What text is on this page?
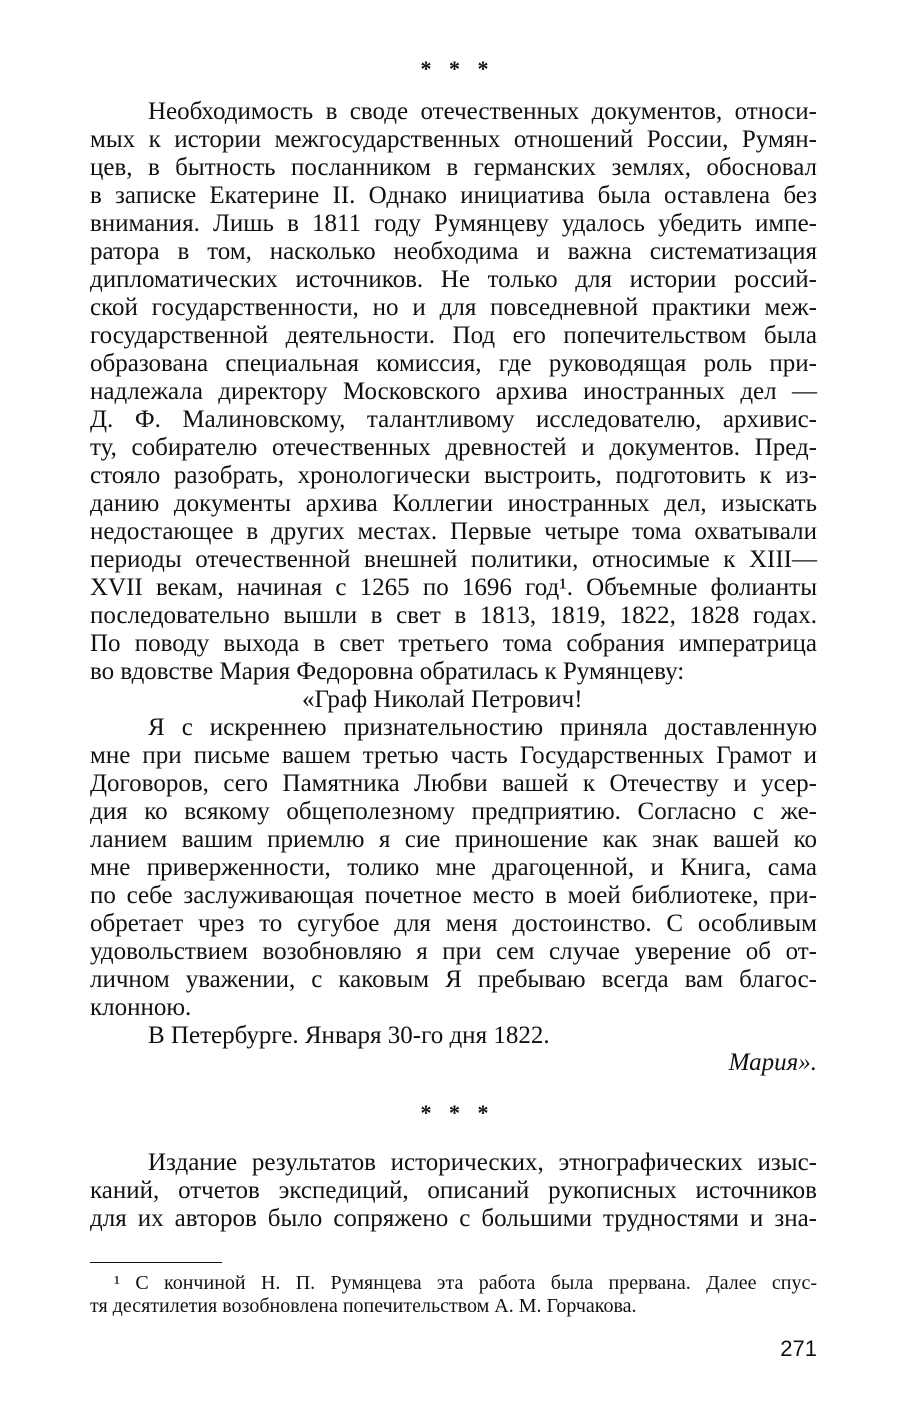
* * *
Необходимость в своде отечественных документов, относи-
мых к истории межгосударственных отношений России, Румян-
цев, в бытность посланником в германских землях, обосновал
в записке Екатерине II. Однако инициатива была оставлена без
внимания. Лишь в 1811 году Румянцеву удалось убедить импе-
ратора в том, насколько необходима и важна систематизация
дипломатических источников. Не только для истории россий-
ской государственности, но и для повседневной практики меж-
государственной деятельности. Под его попечительством была
образована специальная комиссия, где руководящая роль при-
надлежала директору Московского архива иностранных дел —
Д. Ф. Малиновскому, талантливому исследователю, архивис-
ту, собирателю отечественных древностей и документов. Пред-
стояло разобрать, хронологически выстроить, подготовить к из-
данию документы архива Коллегии иностранных дел, изыскать
недостающее в других местах. Первые четыре тома охватывали
периоды отечественной внешней политики, относимые к XIII—
XVII векам, начиная с 1265 по 1696 год¹. Объемные фолианты
последовательно вышли в свет в 1813, 1819, 1822, 1828 годах.
По поводу выхода в свет третьего тома собрания императрица
во вдовстве Мария Федоровна обратилась к Румянцеву:
«Граф Николай Петрович!
Я с искреннею признательностию приняла доставленную
мне при письме вашем третью часть Государственных Грамот и
Договоров, сего Памятника Любви вашей к Отечеству и усер-
дия ко всякому общеполезному предприятию. Согласно с же-
ланием вашим приемлю я сие приношение как знак вашей ко
мне приверженности, толико мне драгоценной, и Книга, сама
по себе заслуживающая почетное место в моей библиотеке, при-
обретает чрез то сугубое для меня достоинство. С особливым
удовольствием возобновляю я при сем случае уверение об от-
личном уважении, с каковым Я пребываю всегда вам благос-
клонною.
В Петербурге. Января 30-го дня 1822.
Мария».
* * *
Издание результатов исторических, этнографических изыс-
каний, отчетов экспедиций, описаний рукописных источников
для их авторов было сопряжено с большими трудностями и зна-
¹ С кончиной Н. П. Румянцева эта работа была прервана. Далее спус-
тя десятилетия возобновлена попечительством А. М. Горчакова.
271
